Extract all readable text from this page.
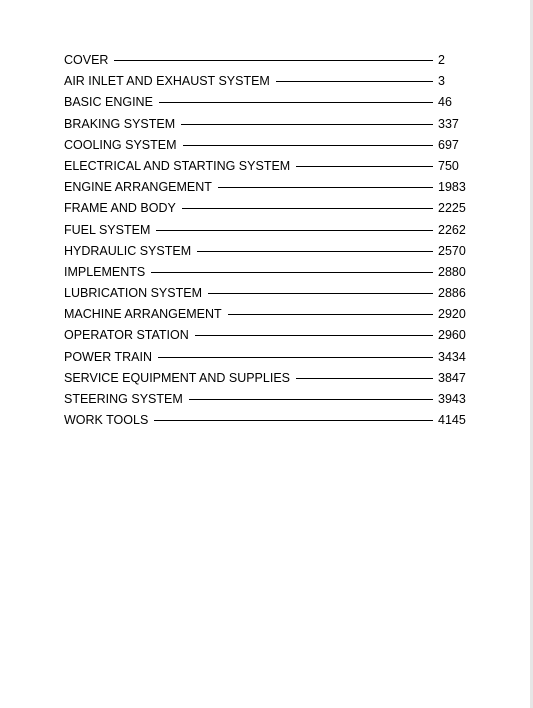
COVER	2
AIR INLET AND EXHAUST SYSTEM	3
BASIC ENGINE	46
BRAKING SYSTEM	337
COOLING SYSTEM	697
ELECTRICAL AND STARTING SYSTEM	750
ENGINE ARRANGEMENT	1983
FRAME AND BODY	2225
FUEL SYSTEM	2262
HYDRAULIC SYSTEM	2570
IMPLEMENTS	2880
LUBRICATION SYSTEM	2886
MACHINE ARRANGEMENT	2920
OPERATOR STATION	2960
POWER TRAIN	3434
SERVICE EQUIPMENT AND SUPPLIES	3847
STEERING SYSTEM	3943
WORK TOOLS	4145
